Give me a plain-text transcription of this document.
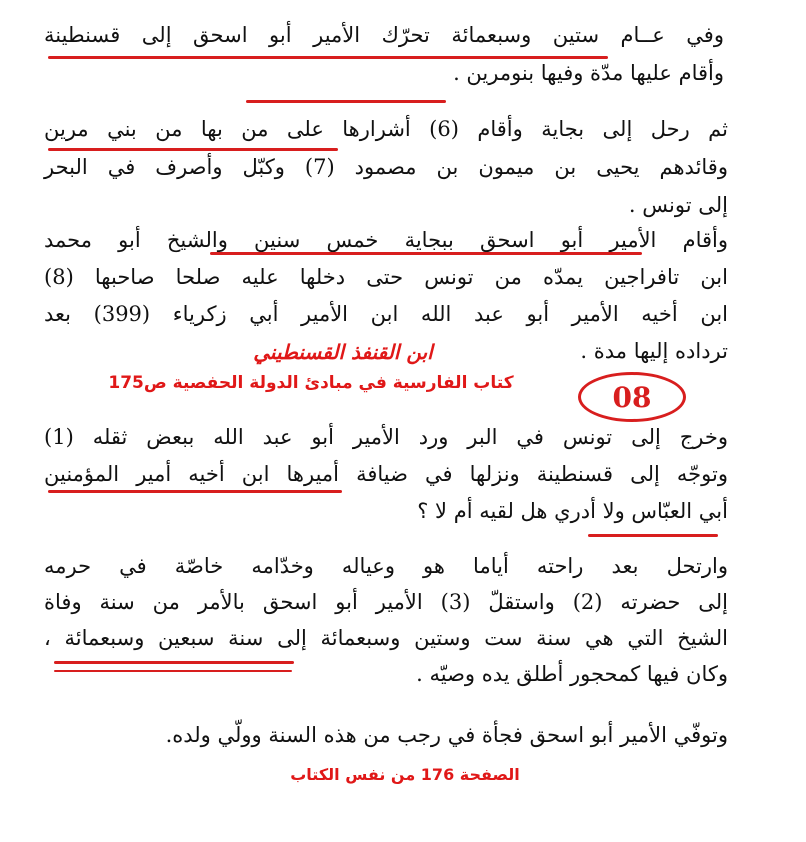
وفي عــام ستين وسبعمائة تحرّك الأمير أبو اسحق إلى قسنطينة
وأقام عليها مدّة وفيها بنومرين .
ثم رحل إلى بجاية وأقام (6) أشرارها على من بها من بني مرين
وقائدهم يحيى بن ميمون بن مصمود (7) وكبّل وأصرف في البحر
إلى تونس .
وأقام الأمير أبو اسحق ببجاية خمس سنين والشيخ أبو محمد
ابن تافراجين يمدّه من تونس حتى دخلها عليه صلحا صاحبها (8)
ابن أخيه الأمير أبو عبد الله ابن الأمير أبي زكرياء (399) بعد
ترداده إليها مدة .
ابن القنفذ القسنطيني
كتاب الفارسية في مبادئ الدولة الحفصية ص175	08
وخرج إلى تونس في البر ورد الأمير أبو عبد الله ببعض ثقله (1)
وتوجّه إلى قسنطينة ونزلها في ضيافة أميرها ابن أخيه أمير المؤمنين
أبي العبّاس ولا أدري هل لقيه أم لا ؟
وارتحل بعد راحته أياما هو وعياله وخدّامه خاصّة في حرمه
إلى حضرته (2) واستقلّ (3) الأمير أبو اسحق بالأمر من سنة وفاة
الشيخ التي هي سنة ست وستين وسبعمائة إلى سنة سبعين وسبعمائة ،
وكان فيها كمحجور أطلق يده وصيّه .
وتوفّي الأمير أبو اسحق فجأة في رجب من هذه السنة وولّي ولده.
الصفحة 176 من نفس الكتاب
